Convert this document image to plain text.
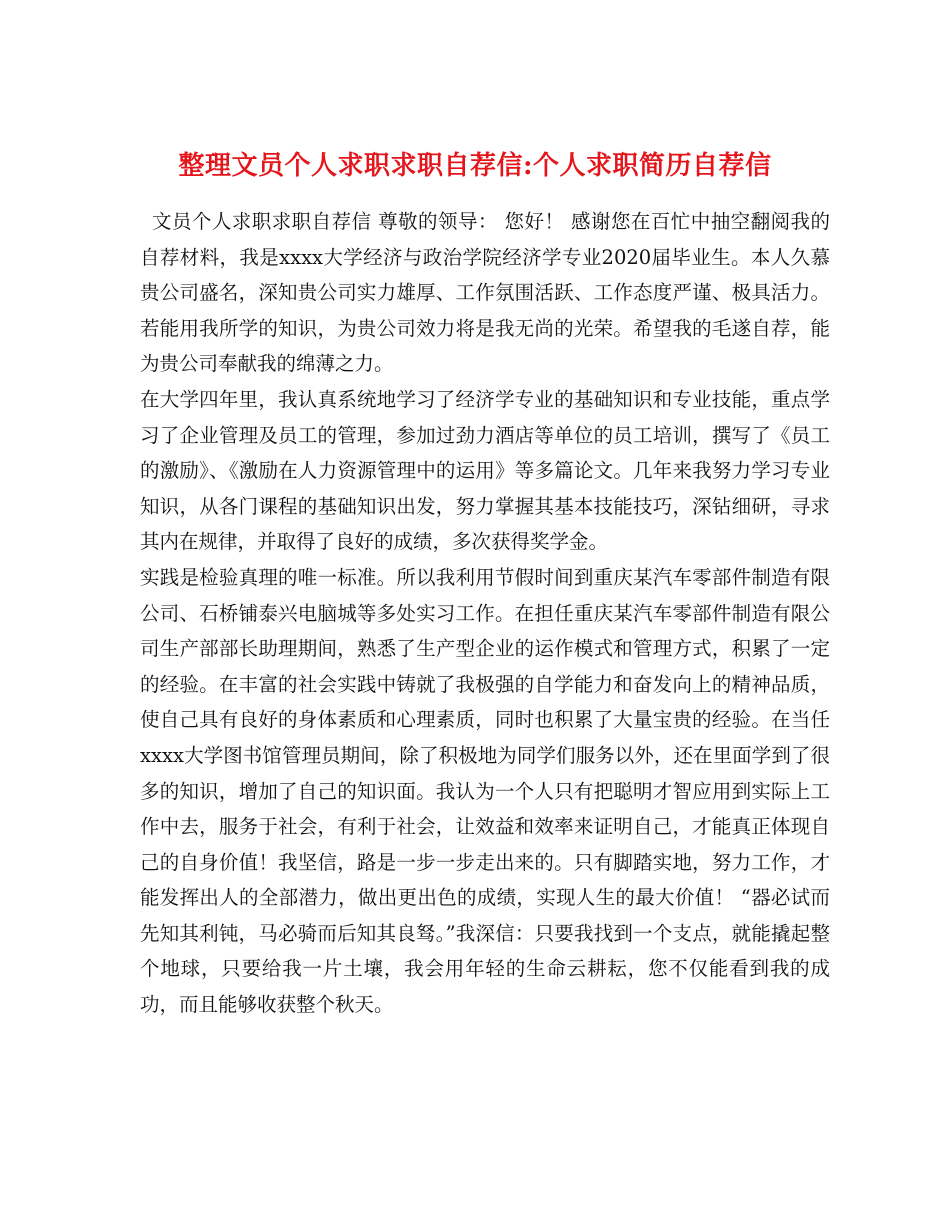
整理文员个人求职求职自荐信:个人求职简历自荐信

文员个人求职求职自荐信 尊敬的领导： 您好！ 感谢您在百忙中抽空翻阅我的自荐材料，我是xxxx大学经济与政治学院经济学专业2020届毕业生。本人久慕贵公司盛名，深知贵公司实力雄厚、工作氛围活跃、工作态度严谨、极具活力。若能用我所学的知识，为贵公司效力将是我无尚的光荣。希望我的毛遂自荐，能为贵公司奉献我的绵薄之力。

在大学四年里，我认真系统地学习了经济学专业的基础知识和专业技能，重点学习了企业管理及员工的管理，参加过劲力酒店等单位的员工培训，撰写了《员工的激励》、《激励在人力资源管理中的运用》等多篇论文。几年来我努力学习专业知识，从各门课程的基础知识出发，努力掌握其基本技能技巧，深钻细研，寻求其内在规律，并取得了良好的成绩，多次获得奖学金。

实践是检验真理的唯一标准。所以我利用节假时间到重庆某汽车零部件制造有限公司、石桥铺泰兴电脑城等多处实习工作。在担任重庆某汽车零部件制造有限公司生产部部长助理期间，熟悉了生产型企业的运作模式和管理方式，积累了一定的经验。在丰富的社会实践中铸就了我极强的自学能力和奋发向上的精神品质，使自己具有良好的身体素质和心理素质，同时也积累了大量宝贵的经验。在当任xxxx大学图书馆管理员期间，除了积极地为同学们服务以外，还在里面学到了很多的知识，增加了自己的知识面。我认为一个人只有把聪明才智应用到实际上工作中去，服务于社会，有利于社会，让效益和效率来证明自己，才能真正体现自己的自身价值！我坚信，路是一步一步走出来的。只有脚踏实地，努力工作，才能发挥出人的全部潜力，做出更出色的成绩，实现人生的最大价值！ “器必试而先知其利钝，马必骑而后知其良驽。”我深信：只要我找到一个支点，就能撬起整个地球，只要给我一片土壤，我会用年轻的生命云耕耘，您不仅能看到我的成功，而且能够收获整个秋天。
